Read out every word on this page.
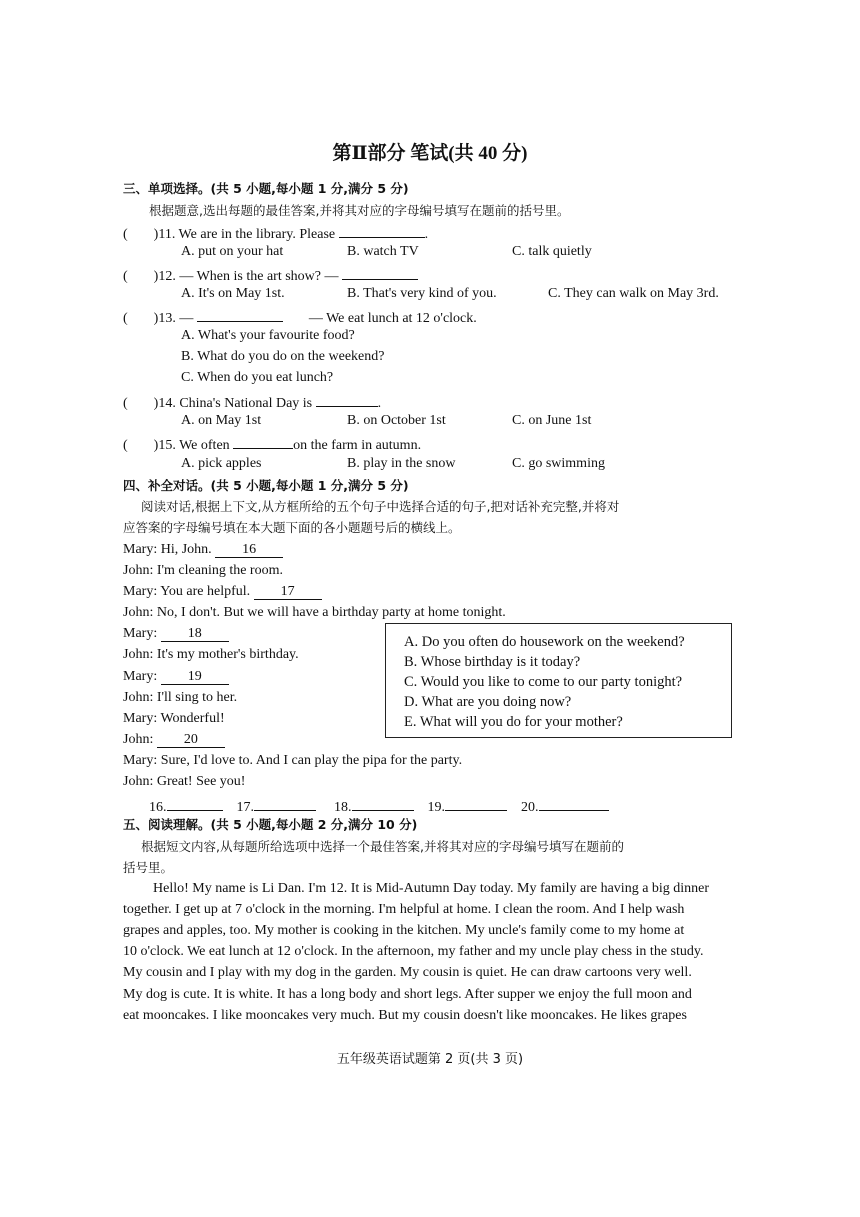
第Ⅱ部分 笔试(共 40 分)
三、单项选择。(共 5 小题,每小题 1 分,满分 5 分)
根据题意,选出每题的最佳答案,并将其对应的字母编号填写在题前的括号里。
( )11. We are in the library. Please	.
A. put on your hat	B. watch TV	C. talk quietly
( )12. — When is the art show? —
A. It's on May 1st.	B. That's very kind of you.	C. They can walk on May 3rd.
( )13. —	— We eat lunch at 12 o'clock.
A. What's your favourite food?
B. What do you do on the weekend?
C. When do you eat lunch?
( )14. China's National Day is	.
A. on May 1st	B. on October 1st	C. on June 1st
( )15. We often	on the farm in autumn.
A. pick apples	B. play in the snow	C. go swimming
四、补全对话。(共 5 小题,每小题 1 分,满分 5 分)
阅读对话,根据上下文,从方框所给的五个句子中选择合适的句子,把对话补充完整,并将对
应答案的字母编号填在本大题下面的各小题题号后的横线上。
Mary: Hi, John. 16
John: I'm cleaning the room.
Mary: You are helpful. 17
John: No, I don't. But we will have a birthday party at home tonight.
Mary: 18
John: It's my mother's birthday.
Mary: 19
John: I'll sing to her.
Mary: Wonderful!
John: 20
Mary: Sure, I'd love to. And I can play the pipa for the party.
John: Great! See you!
A. Do you often do housework on the weekend?
B. Whose birthday is it today?
C. Would you like to come to our party tonight?
D. What are you doing now?
E. What will you do for your mother?
16.	17.	18.	19.	20.
五、阅读理解。(共 5 小题,每小题 2 分,满分 10 分)
根据短文内容,从每题所给选项中选择一个最佳答案,并将其对应的字母编号填写在题前的
括号里。
Hello! My name is Li Dan. I'm 12. It is Mid-Autumn Day today. My family are having a big dinner
together. I get up at 7 o'clock in the morning. I'm helpful at home. I clean the room. And I help wash
grapes and apples, too. My mother is cooking in the kitchen. My uncle's family come to my home at
10 o'clock. We eat lunch at 12 o'clock. In the afternoon, my father and my uncle play chess in the study.
My cousin and I play with my dog in the garden. My cousin is quiet. He can draw cartoons very well.
My dog is cute. It is white. It has a long body and short legs. After supper we enjoy the full moon and
eat mooncakes. I like mooncakes very much. But my cousin doesn't like mooncakes. He likes grapes
五年级英语试题第 2 页(共 3 页)
